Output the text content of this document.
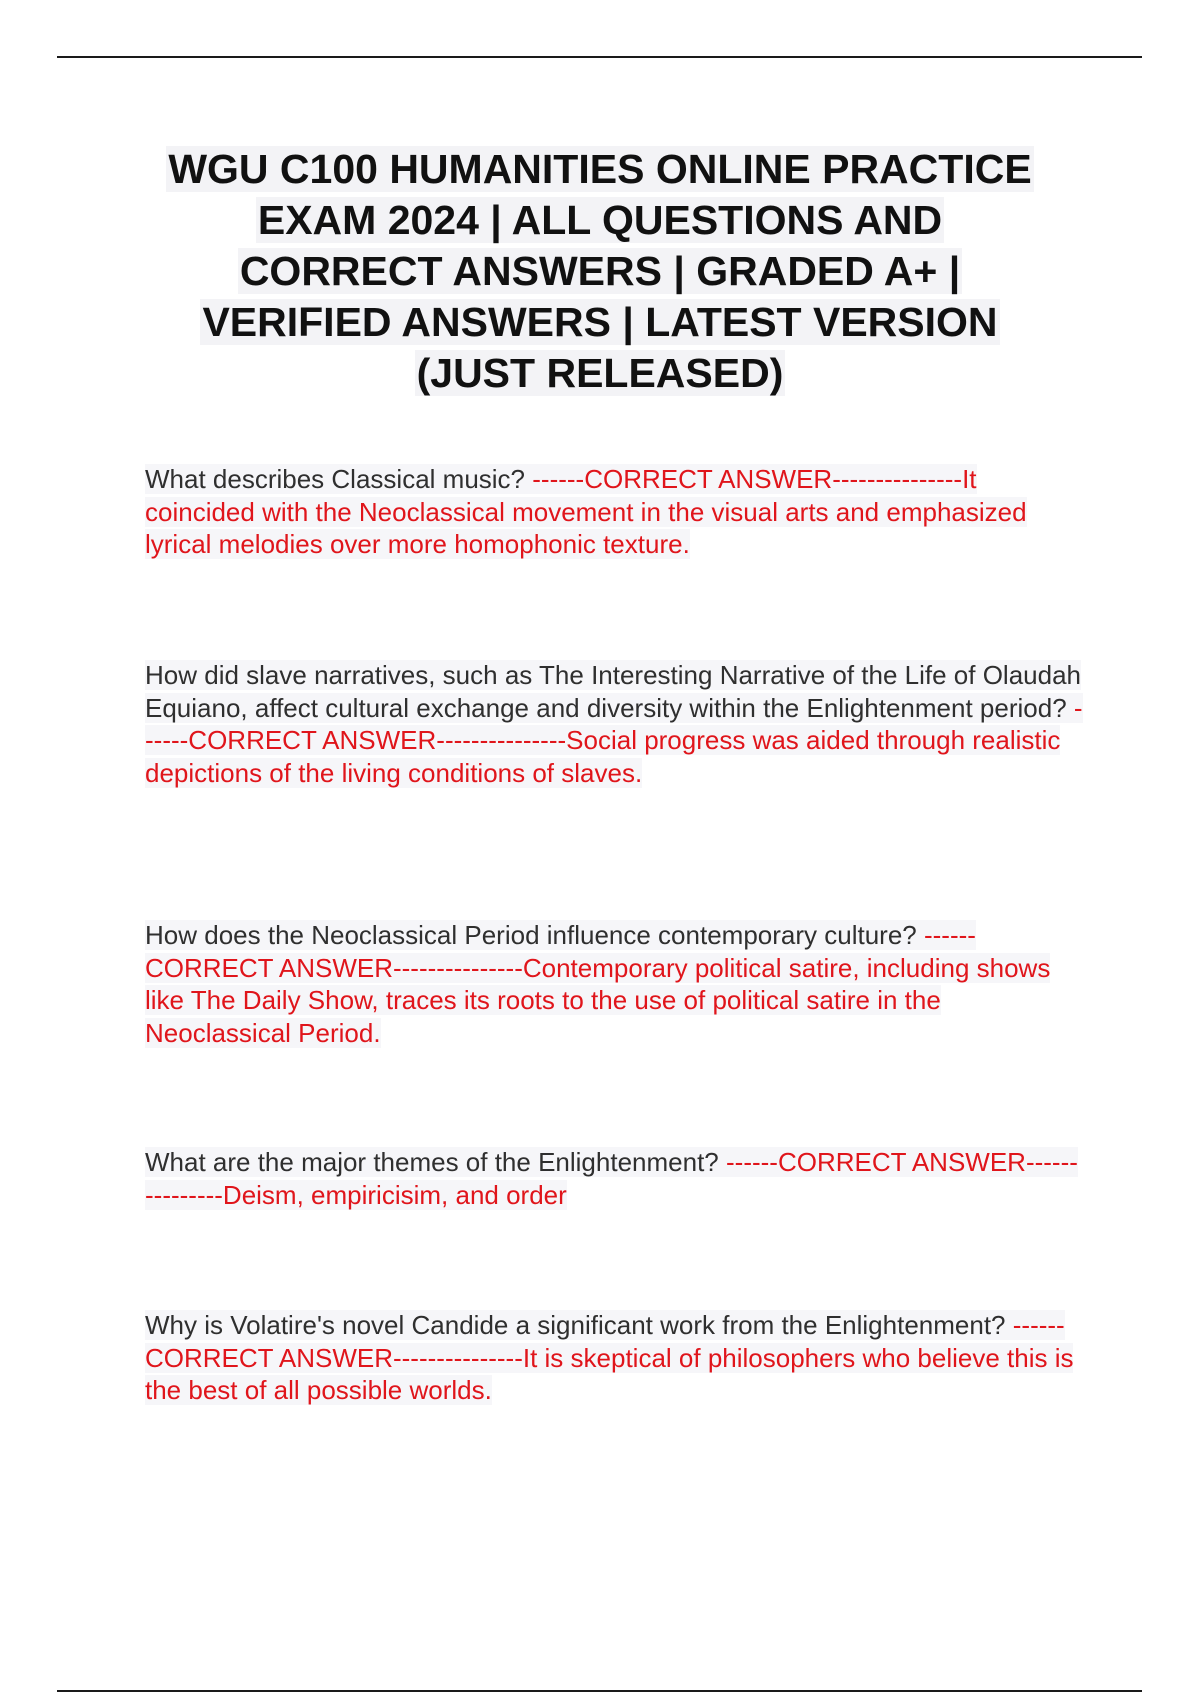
WGU C100 HUMANITIES ONLINE PRACTICE
EXAM 2024 | ALL QUESTIONS AND
CORRECT ANSWERS | GRADED A+ |
VERIFIED ANSWERS | LATEST VERSION
(JUST RELEASED)

What describes Classical music? ------CORRECT ANSWER---------------It coincided with the Neoclassical movement in the visual arts and emphasized lyrical melodies over more homophonic texture.

How did slave narratives, such as The Interesting Narrative of the Life of Olaudah Equiano, affect cultural exchange and diversity within the Enlightenment period? ------CORRECT ANSWER---------------Social progress was aided through realistic depictions of the living conditions of slaves.

How does the Neoclassical Period influence contemporary culture? ------CORRECT ANSWER---------------Contemporary political satire, including shows like The Daily Show, traces its roots to the use of political satire in the Neoclassical Period.

What are the major themes of the Enlightenment? ------CORRECT ANSWER---------------Deism, empiricisim, and order

Why is Volatire's novel Candide a significant work from the Enlightenment? ------CORRECT ANSWER---------------It is skeptical of philosophers who believe this is the best of all possible worlds.
